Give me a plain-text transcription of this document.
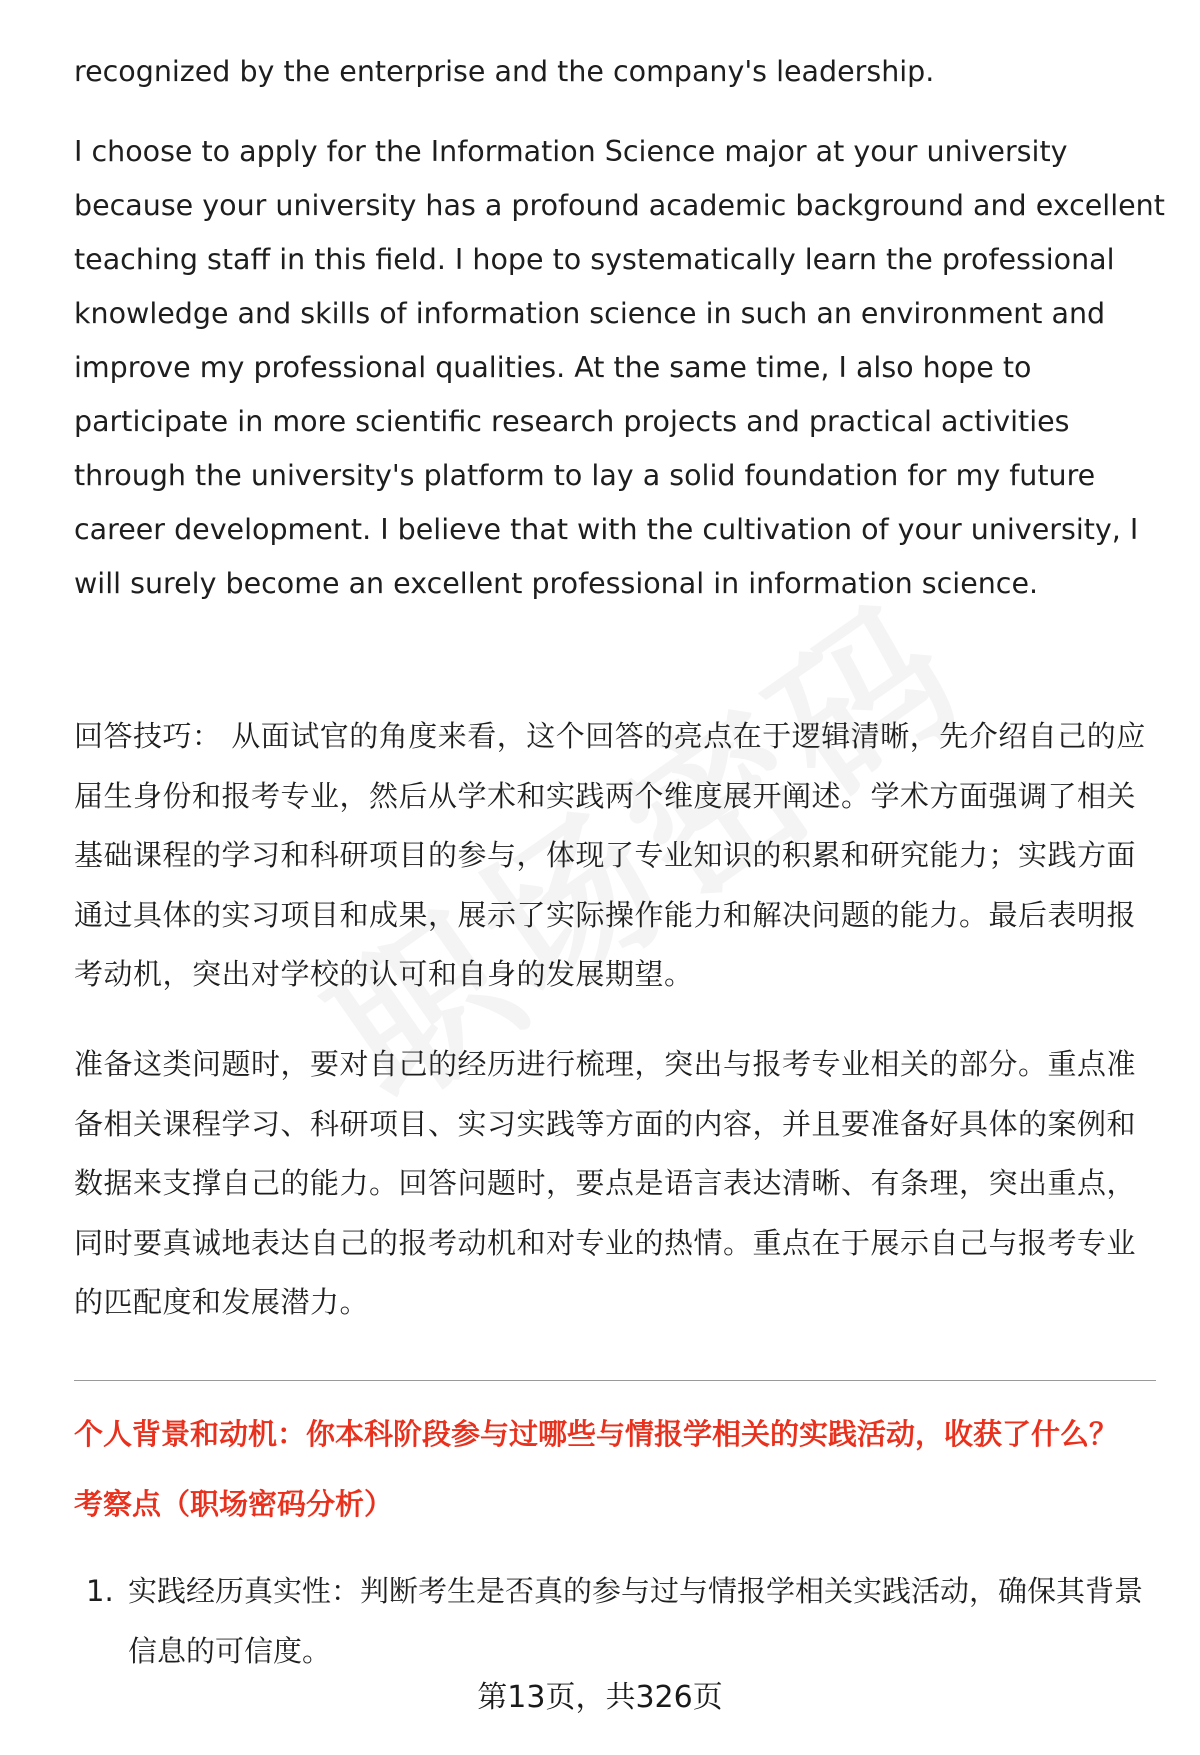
recognized by the enterprise and the company's leadership.
I choose to apply for the Information Science major at your university
because your university has a profound academic background and excellent
teaching staff in this field. I hope to systematically learn the professional
knowledge and skills of information science in such an environment and
improve my professional qualities. At the same time, I also hope to
participate in more scientific research projects and practical activities
through the university's platform to lay a solid foundation for my future
career development. I believe that with the cultivation of your university, I
will surely become an excellent professional in information science.
回答技巧： 从面试官的角度来看，这个回答的亮点在于逻辑清晰，先介绍自己的应届生身份和报考专业，然后从学术和实践两个维度展开阐述。学术方面强调了相关基础课程的学习和科研项目的参与，体现了专业知识的积累和研究能力；实践方面通过具体的实习项目和成果，展示了实际操作能力和解决问题的能力。最后表明报考动机，突出对学校的认可和自身的发展期望。
准备这类问题时，要对自己的经历进行梳理，突出与报考专业相关的部分。重点准备相关课程学习、科研项目、实习实践等方面的内容，并且要准备好具体的案例和数据来支撑自己的能力。回答问题时，要点是语言表达清晰、有条理，突出重点，同时要真诚地表达自己的报考动机和对专业的热情。重点在于展示自己与报考专业的匹配度和发展潜力。
个人背景和动机：你本科阶段参与过哪些与情报学相关的实践活动，收获了什么？
考察点（职场密码分析）
1. 实践经历真实性：判断考生是否真的参与过与情报学相关实践活动，确保其背景信息的可信度。
第13页，共326页
